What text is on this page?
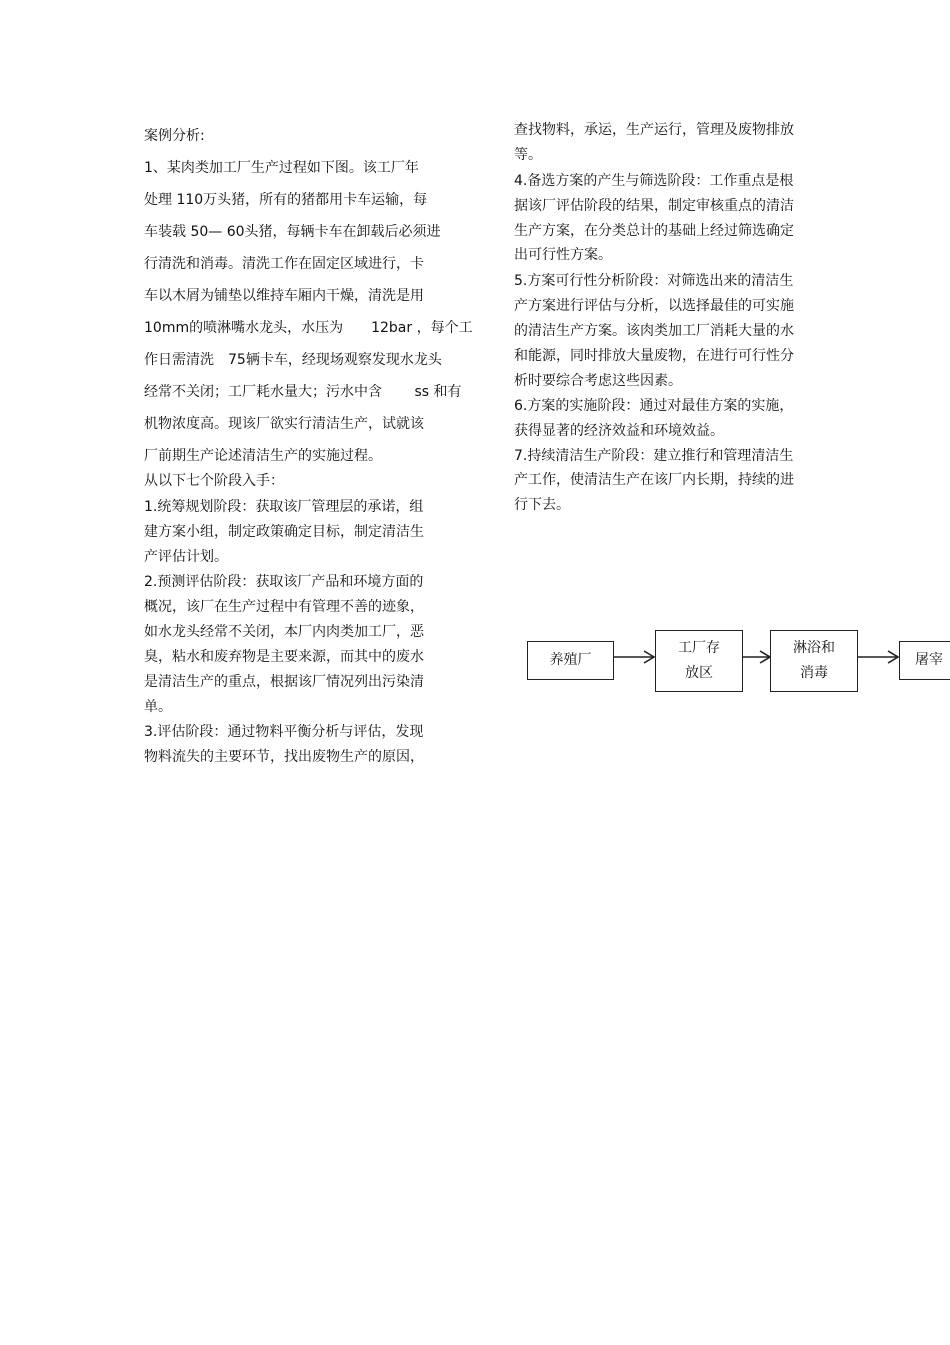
案例分析:
1、某肉类加工厂生产过程如下图。该工厂年
处理 110万头猪，所有的猪都用卡车运输，每
车装载 50— 60头猪，每辆卡车在卸载后必须进
行清洗和消毒。清洗工作在固定区域进行，卡
车以木屑为铺垫以维持车厢内干燥，清洗是用
10mm的喷淋嘴水龙头，水压为　　12bar ，每个工
作日需清洗　75辆卡车，经现场观察发现水龙头
经常不关闭；工厂耗水量大；污水中含　　 ss 和有
机物浓度高。现该厂欲实行清洁生产，试就该
厂前期生产论述清洁生产的实施过程。
从以下七个阶段入手：
1.统筹规划阶段：获取该厂管理层的承诺，组
建方案小组，制定政策确定目标，制定清洁生
产评估计划。
2.预测评估阶段：获取该厂产品和环境方面的
概况，该厂在生产过程中有管理不善的迹象，
如水龙头经常不关闭，本厂内肉类加工厂，恶
臭，粘水和废弃物是主要来源，而其中的废水
是清洁生产的重点，根据该厂情况列出污染清
单。
3.评估阶段：通过物料平衡分析与评估，发现
物料流失的主要环节，找出废物生产的原因，
查找物料，承运，生产运行，管理及废物排放
等。
4.备选方案的产生与筛选阶段：工作重点是根
据该厂评估阶段的结果，制定审核重点的清洁
生产方案，在分类总计的基础上经过筛选确定
出可行性方案。
5.方案可行性分析阶段：对筛选出来的清洁生
产方案进行评估与分析，以选择最佳的可实施
的清洁生产方案。该肉类加工厂消耗大量的水
和能源，同时排放大量废物，在进行可行性分
析时要综合考虑这些因素。
6.方案的实施阶段：通过对最佳方案的实施，
获得显著的经济效益和环境效益。
7.持续清洁生产阶段：建立推行和管理清洁生
产工作，使清洁生产在该厂内长期，持续的进
行下去。
养殖厂
工厂存
放区
淋浴和
消毒
屠宰
